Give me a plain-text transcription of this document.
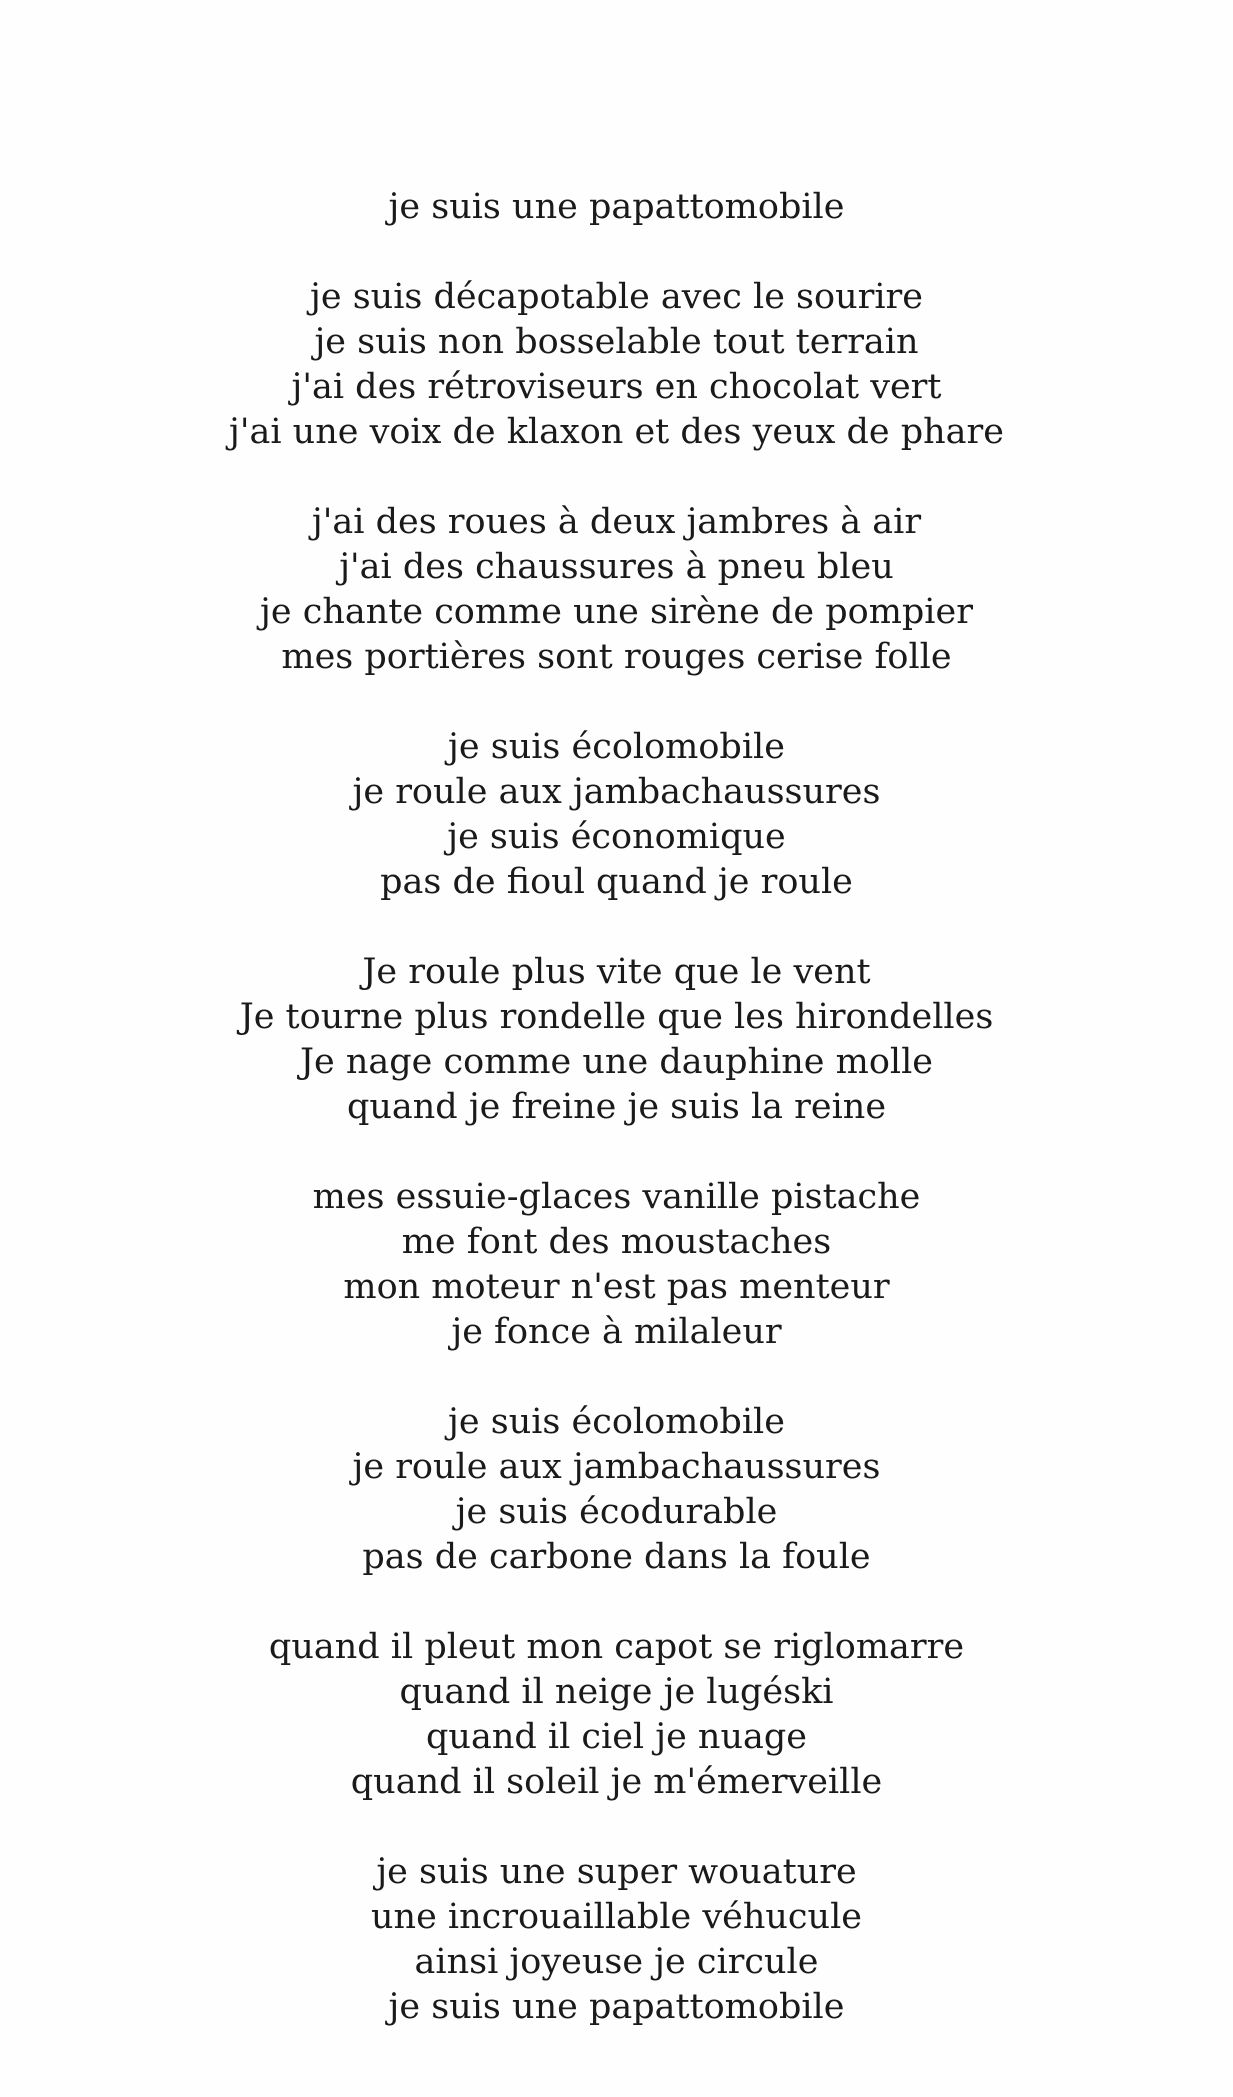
je suis une papattomobile
je suis décapotable avec le sourire
je suis non bosselable tout terrain
j'ai des rétroviseurs en chocolat vert
j'ai une voix de klaxon et des yeux de phare
j'ai des roues à deux jambres à air
j'ai des chaussures à pneu bleu
je chante comme une sirène de pompier
mes portières sont rouges cerise folle
je suis écolomobile
je roule aux jambachaussures
je suis économique
pas de fioul quand je roule
Je roule plus vite que le vent
Je tourne plus rondelle que les hirondelles
Je nage comme une dauphine molle
quand je freine je suis la reine
mes essuie-glaces vanille pistache
me font des moustaches
mon moteur n'est pas menteur
je fonce à milaleur
je suis écolomobile
je roule aux jambachaussures
je suis écodurable
pas de carbone dans la foule
quand il pleut mon capot se riglomarre
quand il neige je lugéski
quand il ciel je nuage
quand il soleil je m'émerveille
je suis une super wouature
une incrouaillable véhucule
ainsi joyeuse je circule
je suis une papattomobile
